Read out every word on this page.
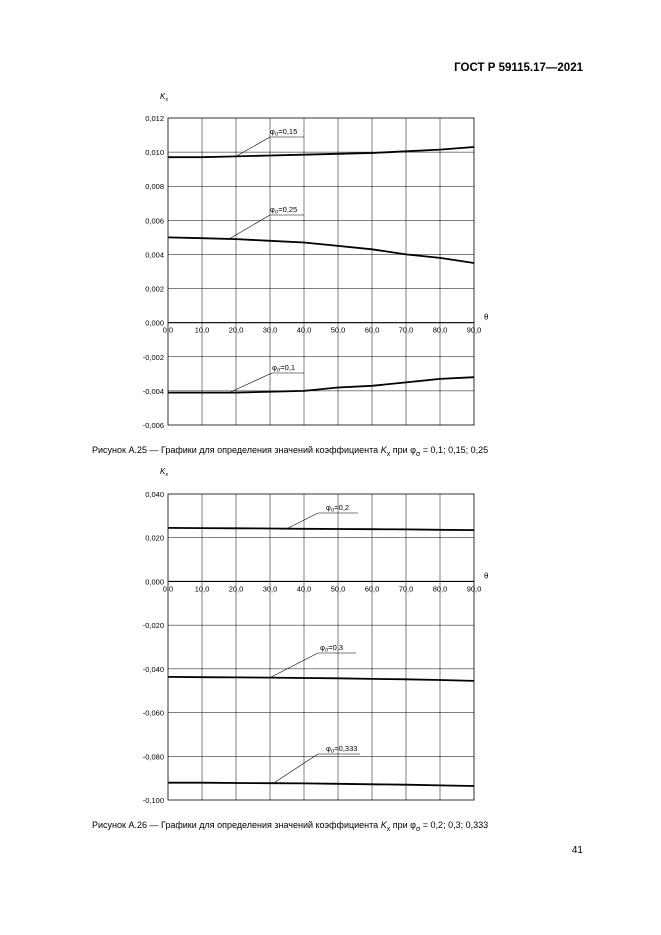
ГОСТ Р 59115.17—2021
0,012
0,010
0,008
0,006
0,004
0,002
0,000
-0,002
-0,004
-0,006
0,0	10,0	20,0	30,0	40,0	50,0	60,0	70,0	80,0	90,0
θ
$K_х$
$\varphi_\sigma=0,15$
$\varphi_\sigma=0,25$
$\varphi_\sigma=0,1$
0,040
0,020
0,000
-0,020
-0,040
-0,060
-0,080
-0,100
0,0	10,0	20,0	30,0	40,0	50,0	60,0	70,0	80,0	90,0
θ
$K_х$
$\varphi_\sigma=0,2$
$\varphi_\sigma=0,3$
$\varphi_\sigma=0,333$
Рисунок А.25 — Графики для определения значений коэффициента $K_х$ при $\varphi_\sigma = 0,1$; 0,15; 0,25
Рисунок А.26 — Графики для определения значений коэффициента $K_х$ при $\varphi_\sigma = 0,2$; 0,3; 0,333
41
